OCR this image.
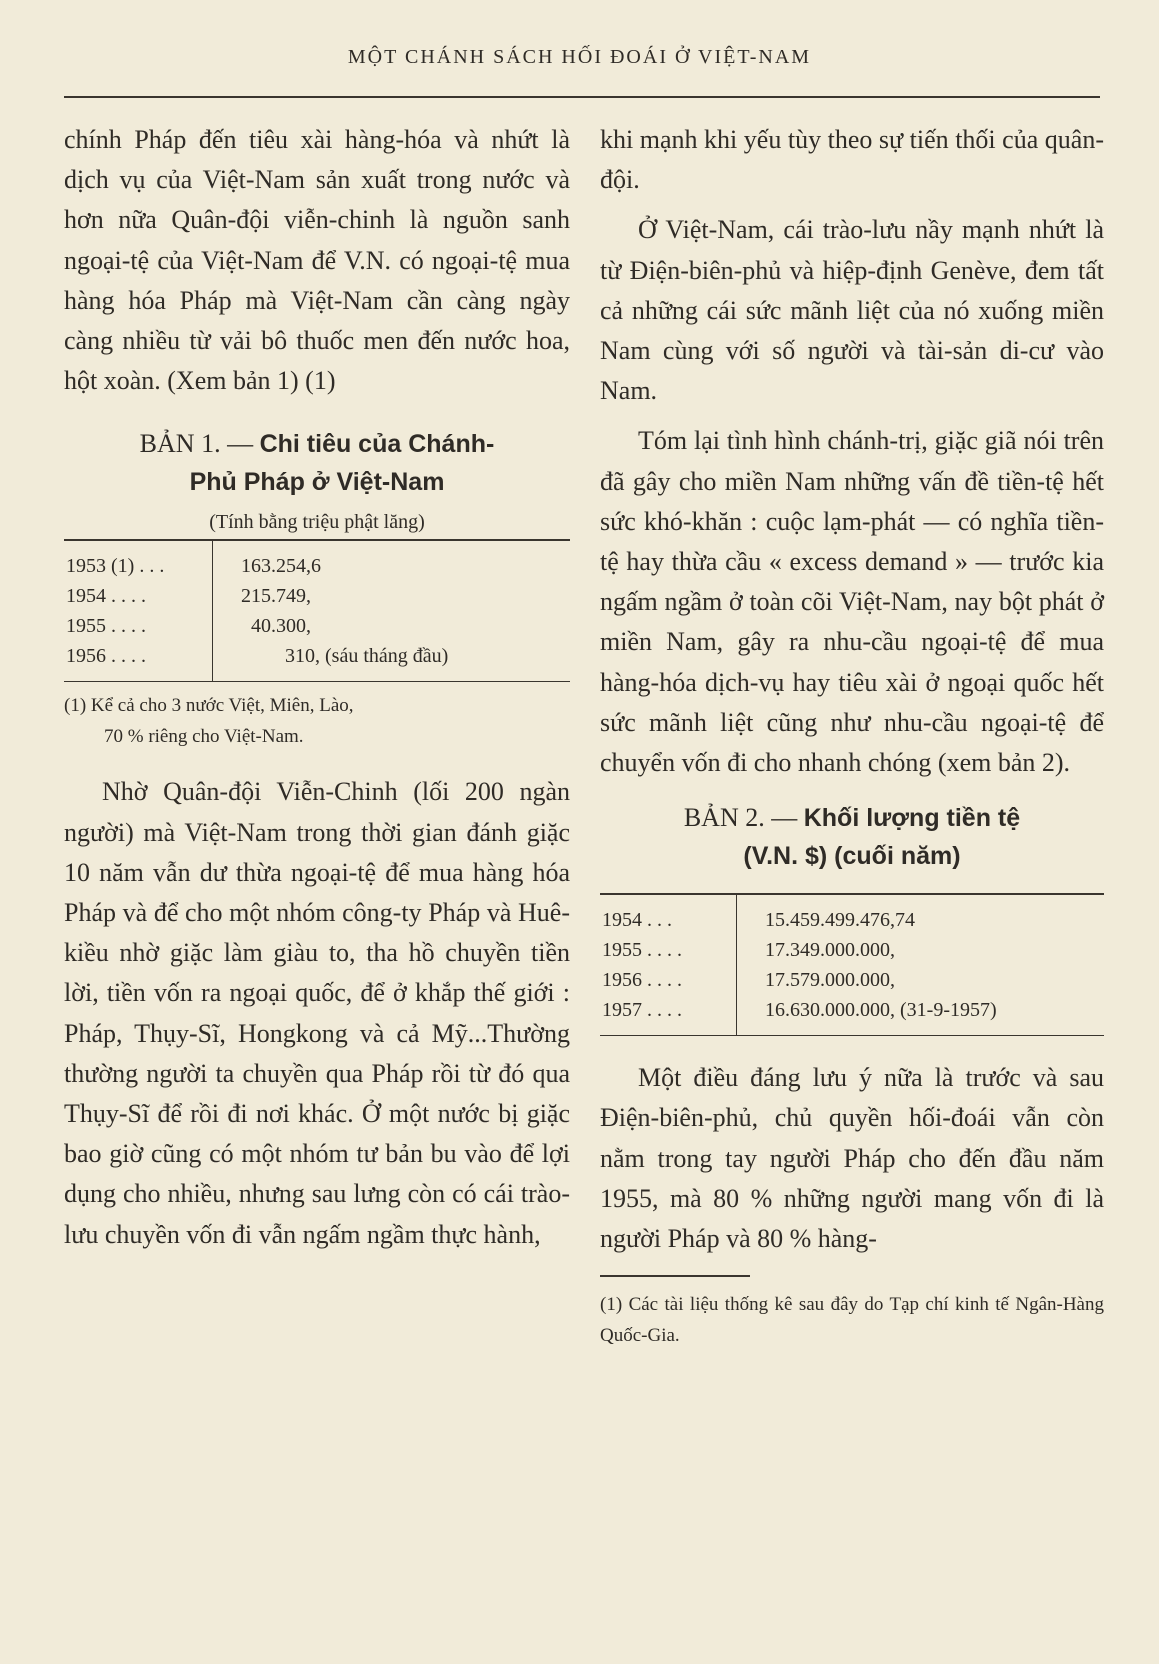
MỘT CHÁNH SÁCH HỐI ĐOÁI Ở VIỆT-NAM

chính Pháp đến tiêu xài hàng-hóa và nhứt là dịch vụ của Việt-Nam sản xuất trong nước và hơn nữa Quân-đội viễn-chinh là nguồn sanh ngoại-tệ của Việt-Nam để V.N. có ngoại-tệ mua hàng hóa Pháp mà Việt-Nam cần càng ngày càng nhiều từ vải bô thuốc men đến nước hoa, hột xoàn. (Xem bản 1) (1)

BẢN 1. — Chi tiêu của Chánh-
Phủ Pháp ở Việt-Nam
(Tính bằng triệu phật lăng)
1953 (1) . . .	163.254,6
1954 . . . .	215.749,
1955 . . . .	40.300,
1956 . . . .	310, (sáu tháng đầu)
(1) Kể cả cho 3 nước Việt, Miên, Lào,
70 % riêng cho Việt-Nam.

Nhờ Quân-đội Viễn-Chinh (lối 200 ngàn người) mà Việt-Nam trong thời gian đánh giặc 10 năm vẫn dư thừa ngoại-tệ để mua hàng hóa Pháp và để cho một nhóm công-ty Pháp và Huê-kiều nhờ giặc làm giàu to, tha hồ chuyền tiền lời, tiền vốn ra ngoại quốc, để ở khắp thế giới : Pháp, Thụy-Sĩ, Hongkong và cả Mỹ...Thường thường người ta chuyền qua Pháp rồi từ đó qua Thụy-Sĩ để rồi đi nơi khác. Ở một nước bị giặc bao giờ cũng có một nhóm tư bản bu vào để lợi dụng cho nhiều, nhưng sau lưng còn có cái trào-lưu chuyền vốn đi vẫn ngấm ngầm thực hành,

khi mạnh khi yếu tùy theo sự tiến thối của quân-đội.

Ở Việt-Nam, cái trào-lưu nầy mạnh nhứt là từ Điện-biên-phủ và hiệp-định Genève, đem tất cả những cái sức mãnh liệt của nó xuống miền Nam cùng với số người và tài-sản di-cư vào Nam.

Tóm lại tình hình chánh-trị, giặc giã nói trên đã gây cho miền Nam những vấn đề tiền-tệ hết sức khó-khăn : cuộc lạm-phát — có nghĩa tiền-tệ hay thừa cầu « excess demand » — trước kia ngấm ngầm ở toàn cõi Việt-Nam, nay bột phát ở miền Nam, gây ra nhu-cầu ngoại-tệ để mua hàng-hóa dịch-vụ hay tiêu xài ở ngoại quốc hết sức mãnh liệt cũng như nhu-cầu ngoại-tệ để chuyển vốn đi cho nhanh chóng (xem bản 2).

BẢN 2. — Khối lượng tiền tệ
(V.N. $) (cuối năm)
1954 . . .	15.459.499.476,74
1955 . . . .	17.349.000.000,
1956 . . . .	17.579.000.000,
1957 . . . .	16.630.000.000, (31-9-1957)

Một điều đáng lưu ý nữa là trước và sau Điện-biên-phủ, chủ quyền hối-đoái vẫn còn nằm trong tay người Pháp cho đến đầu năm 1955, mà 80 % những người mang vốn đi là người Pháp và 80 % hàng-

(1) Các tài liệu thống kê sau đây do Tạp chí kinh tế Ngân-Hàng Quốc-Gia.
